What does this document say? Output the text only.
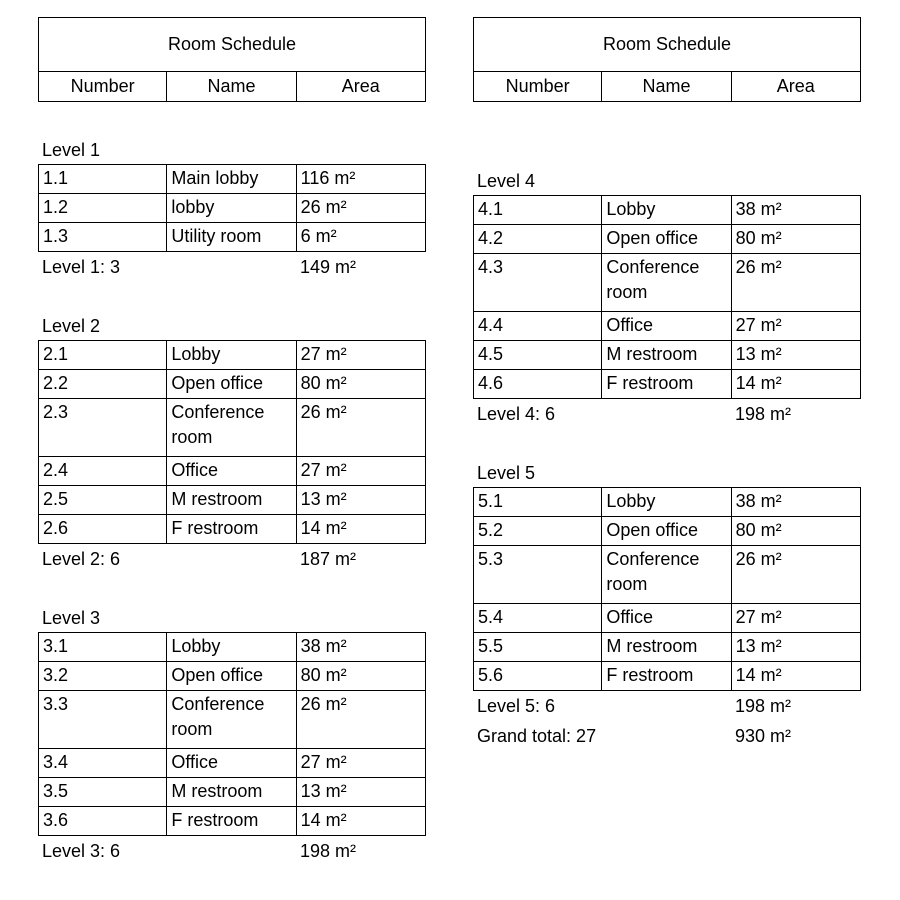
Room Schedule
Number	Name	Area
Level 1
1.1	Main lobby	116 m²
1.2	lobby	26 m²
1.3	Utility room	6 m²
Level 1: 3	149 m²
Level 2
2.1	Lobby	27 m²
2.2	Open office	80 m²
2.3	Conference room	26 m²
2.4	Office	27 m²
2.5	M restroom	13 m²
2.6	F restroom	14 m²
Level 2: 6	187 m²
Level 3
3.1	Lobby	38 m²
3.2	Open office	80 m²
3.3	Conference room	26 m²
3.4	Office	27 m²
3.5	M restroom	13 m²
3.6	F restroom	14 m²
Level 3: 6	198 m²
Room Schedule
Number	Name	Area
Level 4
4.1	Lobby	38 m²
4.2	Open office	80 m²
4.3	Conference room	26 m²
4.4	Office	27 m²
4.5	M restroom	13 m²
4.6	F restroom	14 m²
Level 4: 6	198 m²
Level 5
5.1	Lobby	38 m²
5.2	Open office	80 m²
5.3	Conference room	26 m²
5.4	Office	27 m²
5.5	M restroom	13 m²
5.6	F restroom	14 m²
Level 5: 6	198 m²
Grand total: 27	930 m²
